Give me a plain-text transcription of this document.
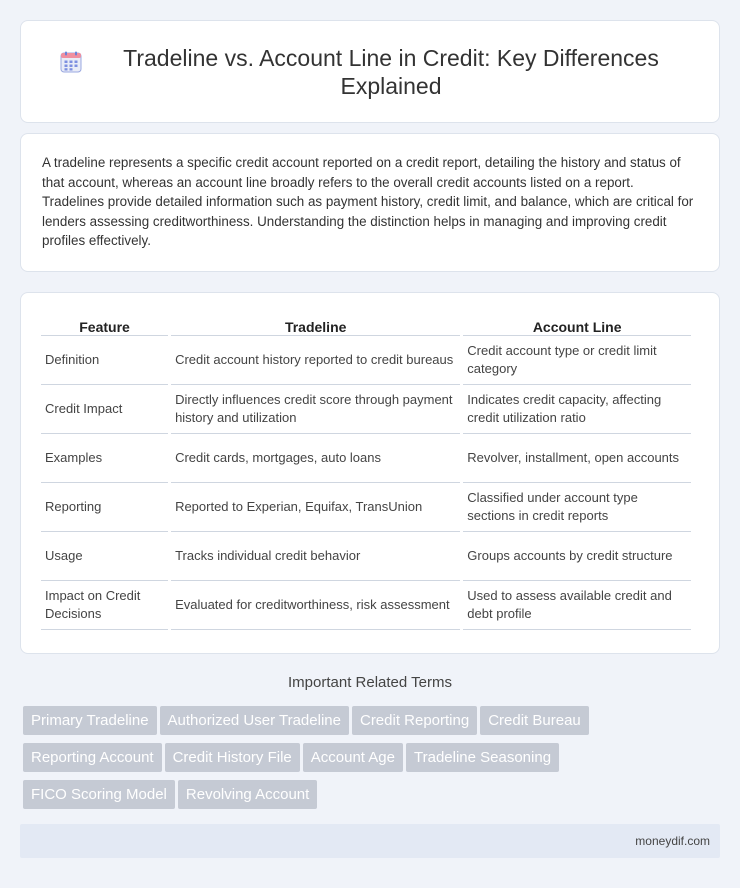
Tradeline vs. Account Line in Credit: Key Differences Explained

A tradeline represents a specific credit account reported on a credit report, detailing the history and status of that account, whereas an account line broadly refers to the overall credit accounts listed on a report. Tradelines provide detailed information such as payment history, credit limit, and balance, which are critical for lenders assessing creditworthiness. Understanding the distinction helps in managing and improving credit profiles effectively.

Feature	Tradeline	Account Line
Definition	Credit account history reported to credit bureaus	Credit account type or credit limit category
Credit Impact	Directly influences credit score through payment history and utilization	Indicates credit capacity, affecting credit utilization ratio
Examples	Credit cards, mortgages, auto loans	Revolver, installment, open accounts
Reporting	Reported to Experian, Equifax, TransUnion	Classified under account type sections in credit reports
Usage	Tracks individual credit behavior	Groups accounts by credit structure
Impact on Credit Decisions	Evaluated for creditworthiness, risk assessment	Used to assess available credit and debt profile
Important Related Terms
Primary Tradeline Authorized User Tradeline Credit Reporting Credit Bureau
Reporting Account Credit History File Account Age Tradeline Seasoning
FICO Scoring Model Revolving Account
moneydif.com
